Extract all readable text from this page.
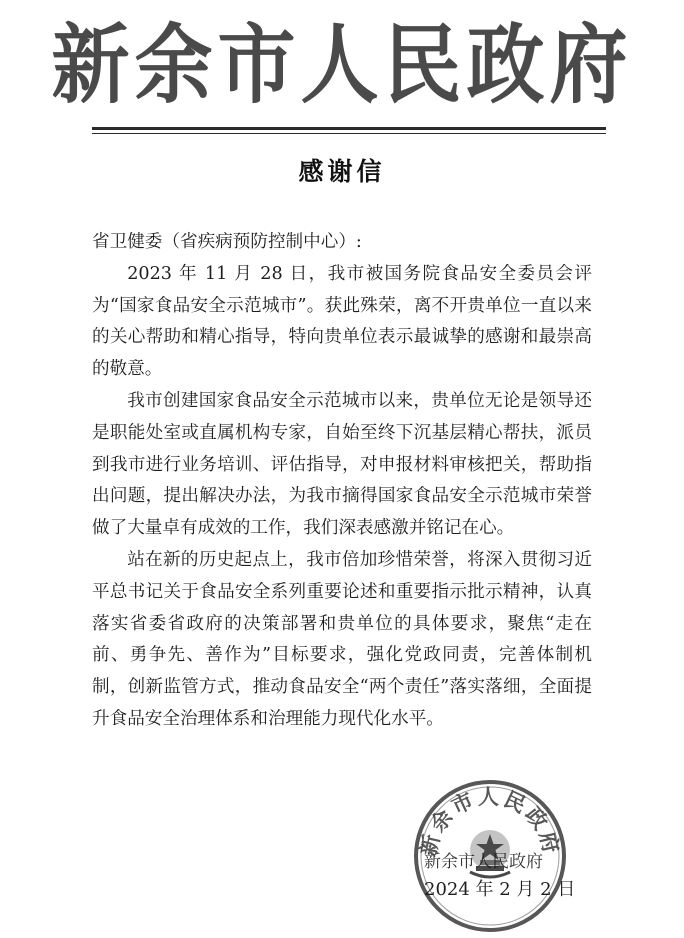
新余市人民政府
感谢信

省卫健委（省疾病预防控制中心）:

2023 年 11 月 28 日，我市被国务院食品安全委员会评为“国家食品安全示范城市”。获此殊荣，离不开贵单位一直以来的关心帮助和精心指导，特向贵单位表示最诚挚的感谢和最崇高的敬意。

我市创建国家食品安全示范城市以来，贵单位无论是领导还是职能处室或直属机构专家，自始至终下沉基层精心帮扶，派员到我市进行业务培训、评估指导，对申报材料审核把关，帮助指出问题，提出解决办法，为我市摘得国家食品安全示范城市荣誉做了大量卓有成效的工作，我们深表感激并铭记在心。

站在新的历史起点上，我市倍加珍惜荣誉，将深入贯彻习近平总书记关于食品安全系列重要论述和重要指示批示精神，认真落实省委省政府的决策部署和贵单位的具体要求，聚焦“走在前、勇争先、善作为”目标要求，强化党政同责，完善体制机制，创新监管方式，推动食品安全“两个责任”落实落细，全面提升食品安全治理体系和治理能力现代化水平。

新余市人民政府
新余市人民政府
2024 年 2 月 2 日
